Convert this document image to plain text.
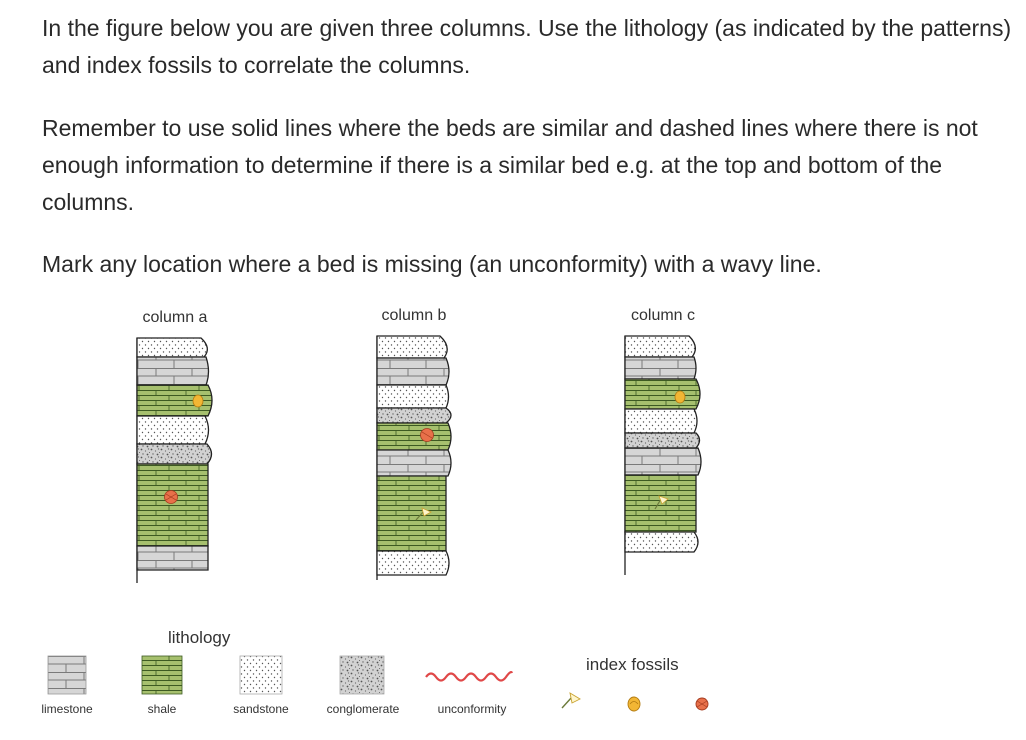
In the figure below you are given three columns. Use the lithology (as indicated by the patterns) and index fossils to correlate the columns.

Remember to use solid lines where the beds are similar and dashed lines where there is not enough information to determine if there is a similar bed e.g. at the top and bottom of the columns.

Mark any location where a bed is missing (an unconformity) with a wavy line.

column a	column b	column c
lithology
index fossils
limestone	shale	sandstone	conglomerate	unconformity
